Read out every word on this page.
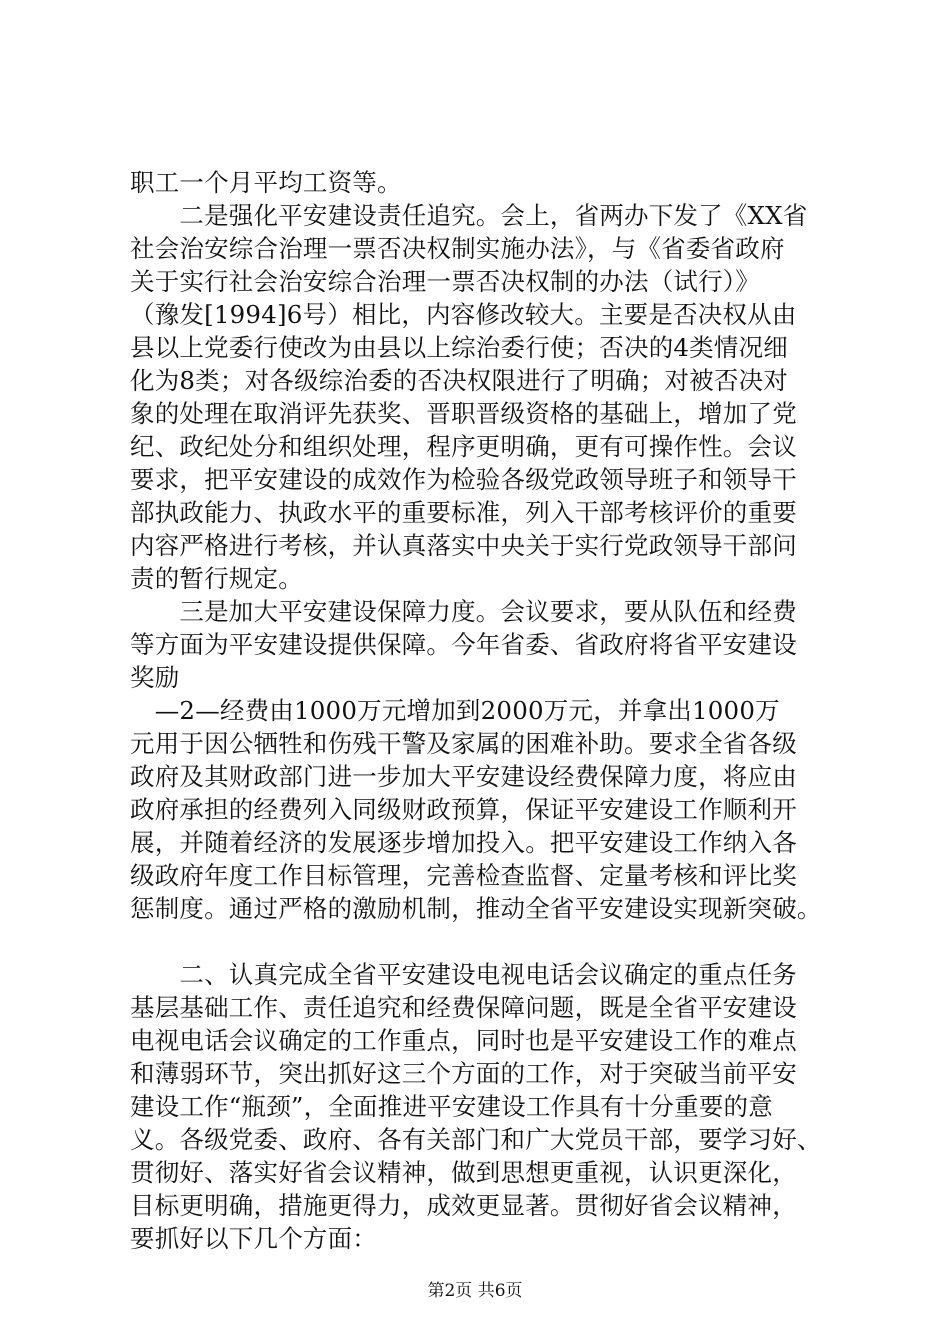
职工一个月平均工资等。
　　二是强化平安建设责任追究。会上，省两办下发了《XX省
社会治安综合治理一票否决权制实施办法》，与《省委省政府
关于实行社会治安综合治理一票否决权制的办法（试行）》
（豫发[1994]6号）相比，内容修改较大。主要是否决权从由
县以上党委行使改为由县以上综治委行使；否决的4类情况细
化为8类；对各级综治委的否决权限进行了明确；对被否决对
象的处理在取消评先获奖、晋职晋级资格的基础上，增加了党
纪、政纪处分和组织处理，程序更明确，更有可操作性。会议
要求，把平安建设的成效作为检验各级党政领导班子和领导干
部执政能力、执政水平的重要标准，列入干部考核评价的重要
内容严格进行考核，并认真落实中央关于实行党政领导干部问
责的暂行规定。
　　三是加大平安建设保障力度。会议要求，要从队伍和经费
等方面为平安建设提供保障。今年省委、省政府将省平安建设
奖励
　—2—经费由1000万元增加到2000万元，并拿出1000万
元用于因公牺牲和伤残干警及家属的困难补助。要求全省各级
政府及其财政部门进一步加大平安建设经费保障力度，将应由
政府承担的经费列入同级财政预算，保证平安建设工作顺利开
展，并随着经济的发展逐步增加投入。把平安建设工作纳入各
级政府年度工作目标管理，完善检查监督、定量考核和评比奖
惩制度。通过严格的激励机制，推动全省平安建设实现新突破。
　　二、认真完成全省平安建设电视电话会议确定的重点任务
基层基础工作、责任追究和经费保障问题，既是全省平安建设
电视电话会议确定的工作重点，同时也是平安建设工作的难点
和薄弱环节，突出抓好这三个方面的工作，对于突破当前平安
建设工作“瓶颈”，全面推进平安建设工作具有十分重要的意
义。各级党委、政府、各有关部门和广大党员干部，要学习好、
贯彻好、落实好省会议精神，做到思想更重视，认识更深化，
目标更明确，措施更得力，成效更显著。贯彻好省会议精神，
要抓好以下几个方面：
第2页 共6页
